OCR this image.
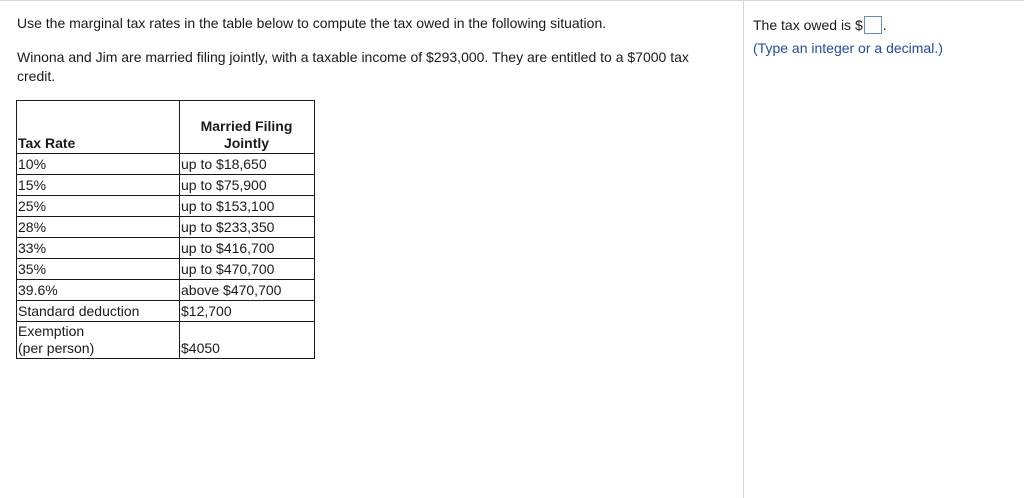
Use the marginal tax rates in the table below to compute the tax owed in the following situation.
Winona and Jim are married filing jointly, with a taxable income of $293,000. They are entitled to a $7000 tax credit.
Tax Rate	Married Filing
Jointly
10%	up to $18,650
15%	up to $75,900
25%	up to $153,100
28%	up to $233,350
33%	up to $416,700
35%	up to $470,700
39.6%	above $470,700
Standard deduction	$12,700
Exemption
(per person)	$4050
The tax owed is $ .
(Type an integer or a decimal.)
